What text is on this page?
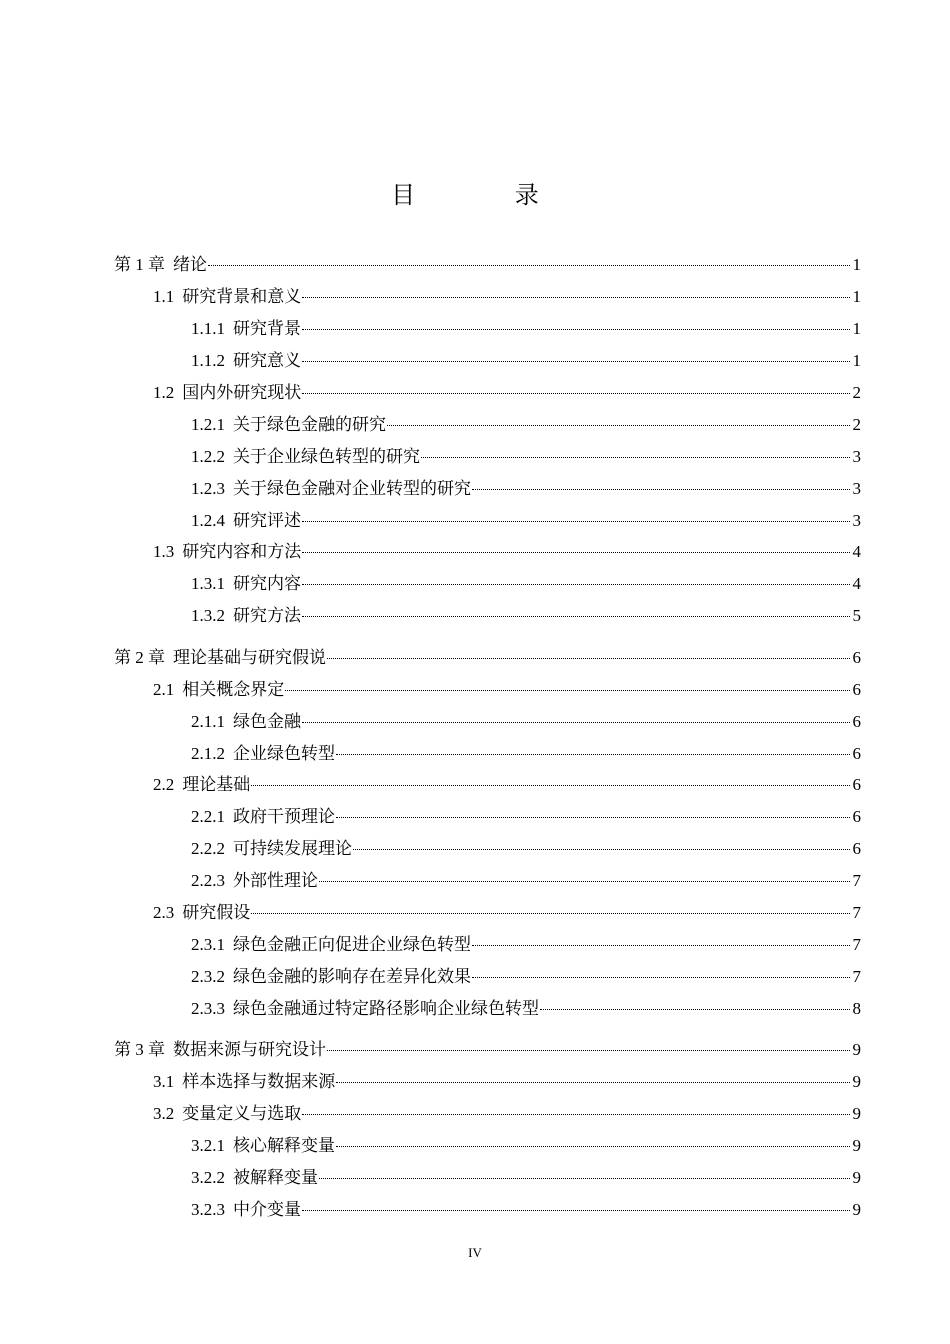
目 录
第 1 章 绪论	1
1.1 研究背景和意义	1
1.1.1 研究背景	1
1.1.2 研究意义	1
1.2 国内外研究现状	2
1.2.1 关于绿色金融的研究	2
1.2.2 关于企业绿色转型的研究	3
1.2.3 关于绿色金融对企业转型的研究	3
1.2.4 研究评述	3
1.3 研究内容和方法	4
1.3.1 研究内容	4
1.3.2 研究方法	5
第 2 章 理论基础与研究假说	6
2.1 相关概念界定	6
2.1.1 绿色金融	6
2.1.2 企业绿色转型	6
2.2 理论基础	6
2.2.1 政府干预理论	6
2.2.2 可持续发展理论	6
2.2.3 外部性理论	7
2.3 研究假设	7
2.3.1 绿色金融正向促进企业绿色转型	7
2.3.2 绿色金融的影响存在差异化效果	7
2.3.3 绿色金融通过特定路径影响企业绿色转型	8
第 3 章 数据来源与研究设计	9
3.1 样本选择与数据来源	9
3.2 变量定义与选取	9
3.2.1 核心解释变量	9
3.2.2 被解释变量	9
3.2.3 中介变量	9
IV
